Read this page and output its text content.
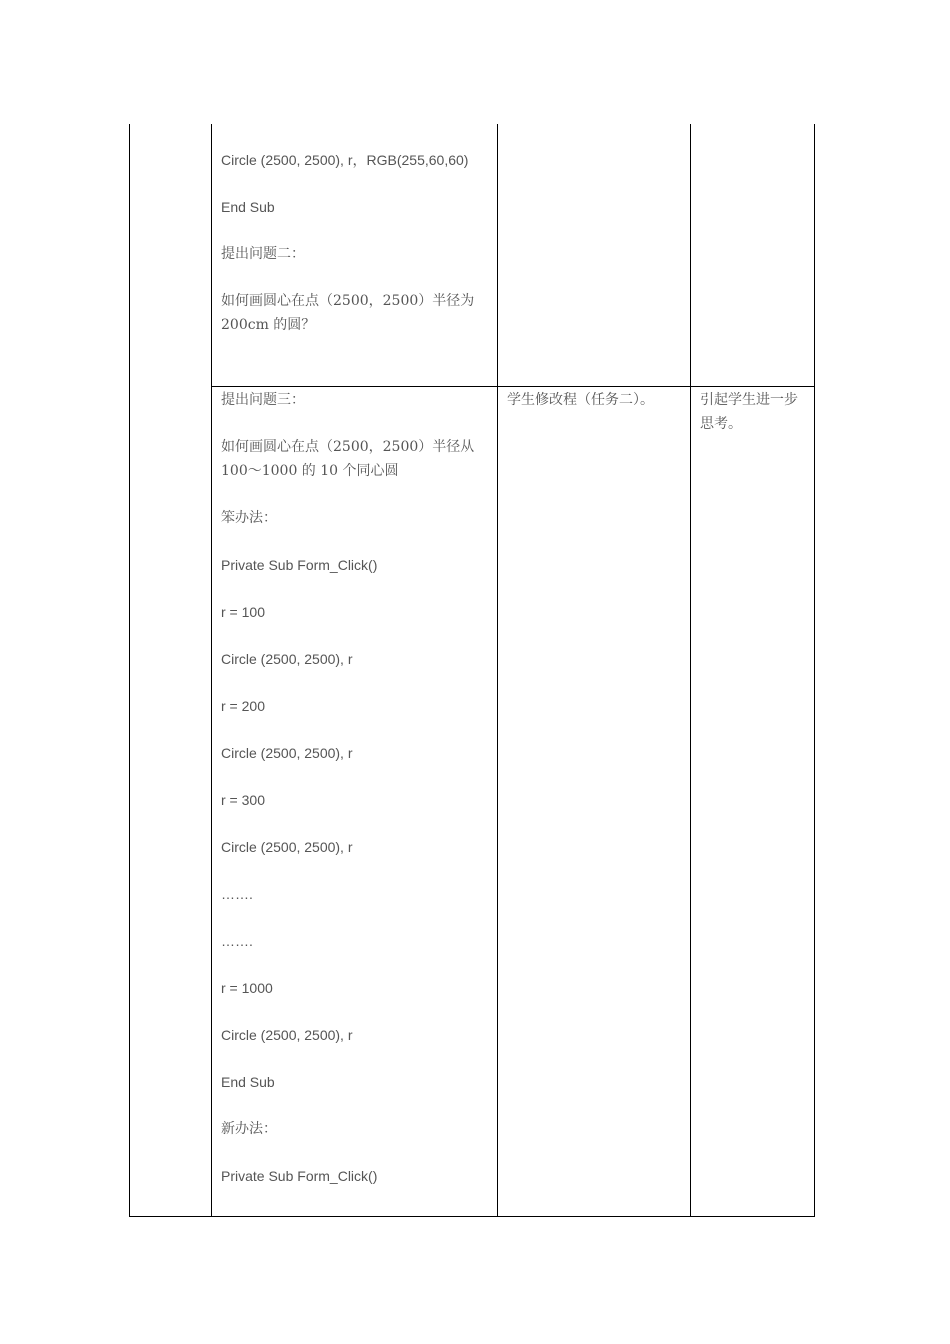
Circle (2500, 2500), r，RGB(255,60,60)

End Sub

提出问题二：

如何画圆心在点（2500，2500）半径为200cm 的圆？

提出问题三：

如何画圆心在点（2500，2500）半径从 100～1000 的 10 个同心圆

笨办法：

Private Sub Form_Click()

r = 100

Circle (2500, 2500), r

r = 200

Circle (2500, 2500), r

r = 300

Circle (2500, 2500), r

…….

…….

r = 1000

Circle (2500, 2500), r

End Sub

新办法：

Private Sub Form_Click()

学生修改程（任务二）。	引起学生进一步思考。
